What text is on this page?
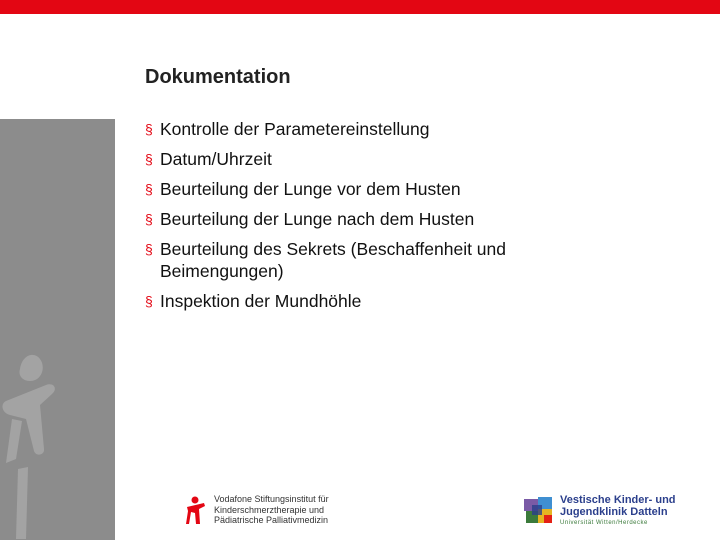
Dokumentation
§ Kontrolle der Parametereinstellung
§ Datum/Uhrzeit
§ Beurteilung der Lunge vor dem Husten
§ Beurteilung der Lunge nach dem Husten
§ Beurteilung des Sekrets (Beschaffenheit und Beimengungen)
§ Inspektion der Mundhöhle
Vodafone Stiftungsinstitut für
Kinderschmerztherapie und
Pädiatrische Palliativmedizin
Vestische Kinder- und
Jugendklinik Datteln
Universität Witten/Herdecke
